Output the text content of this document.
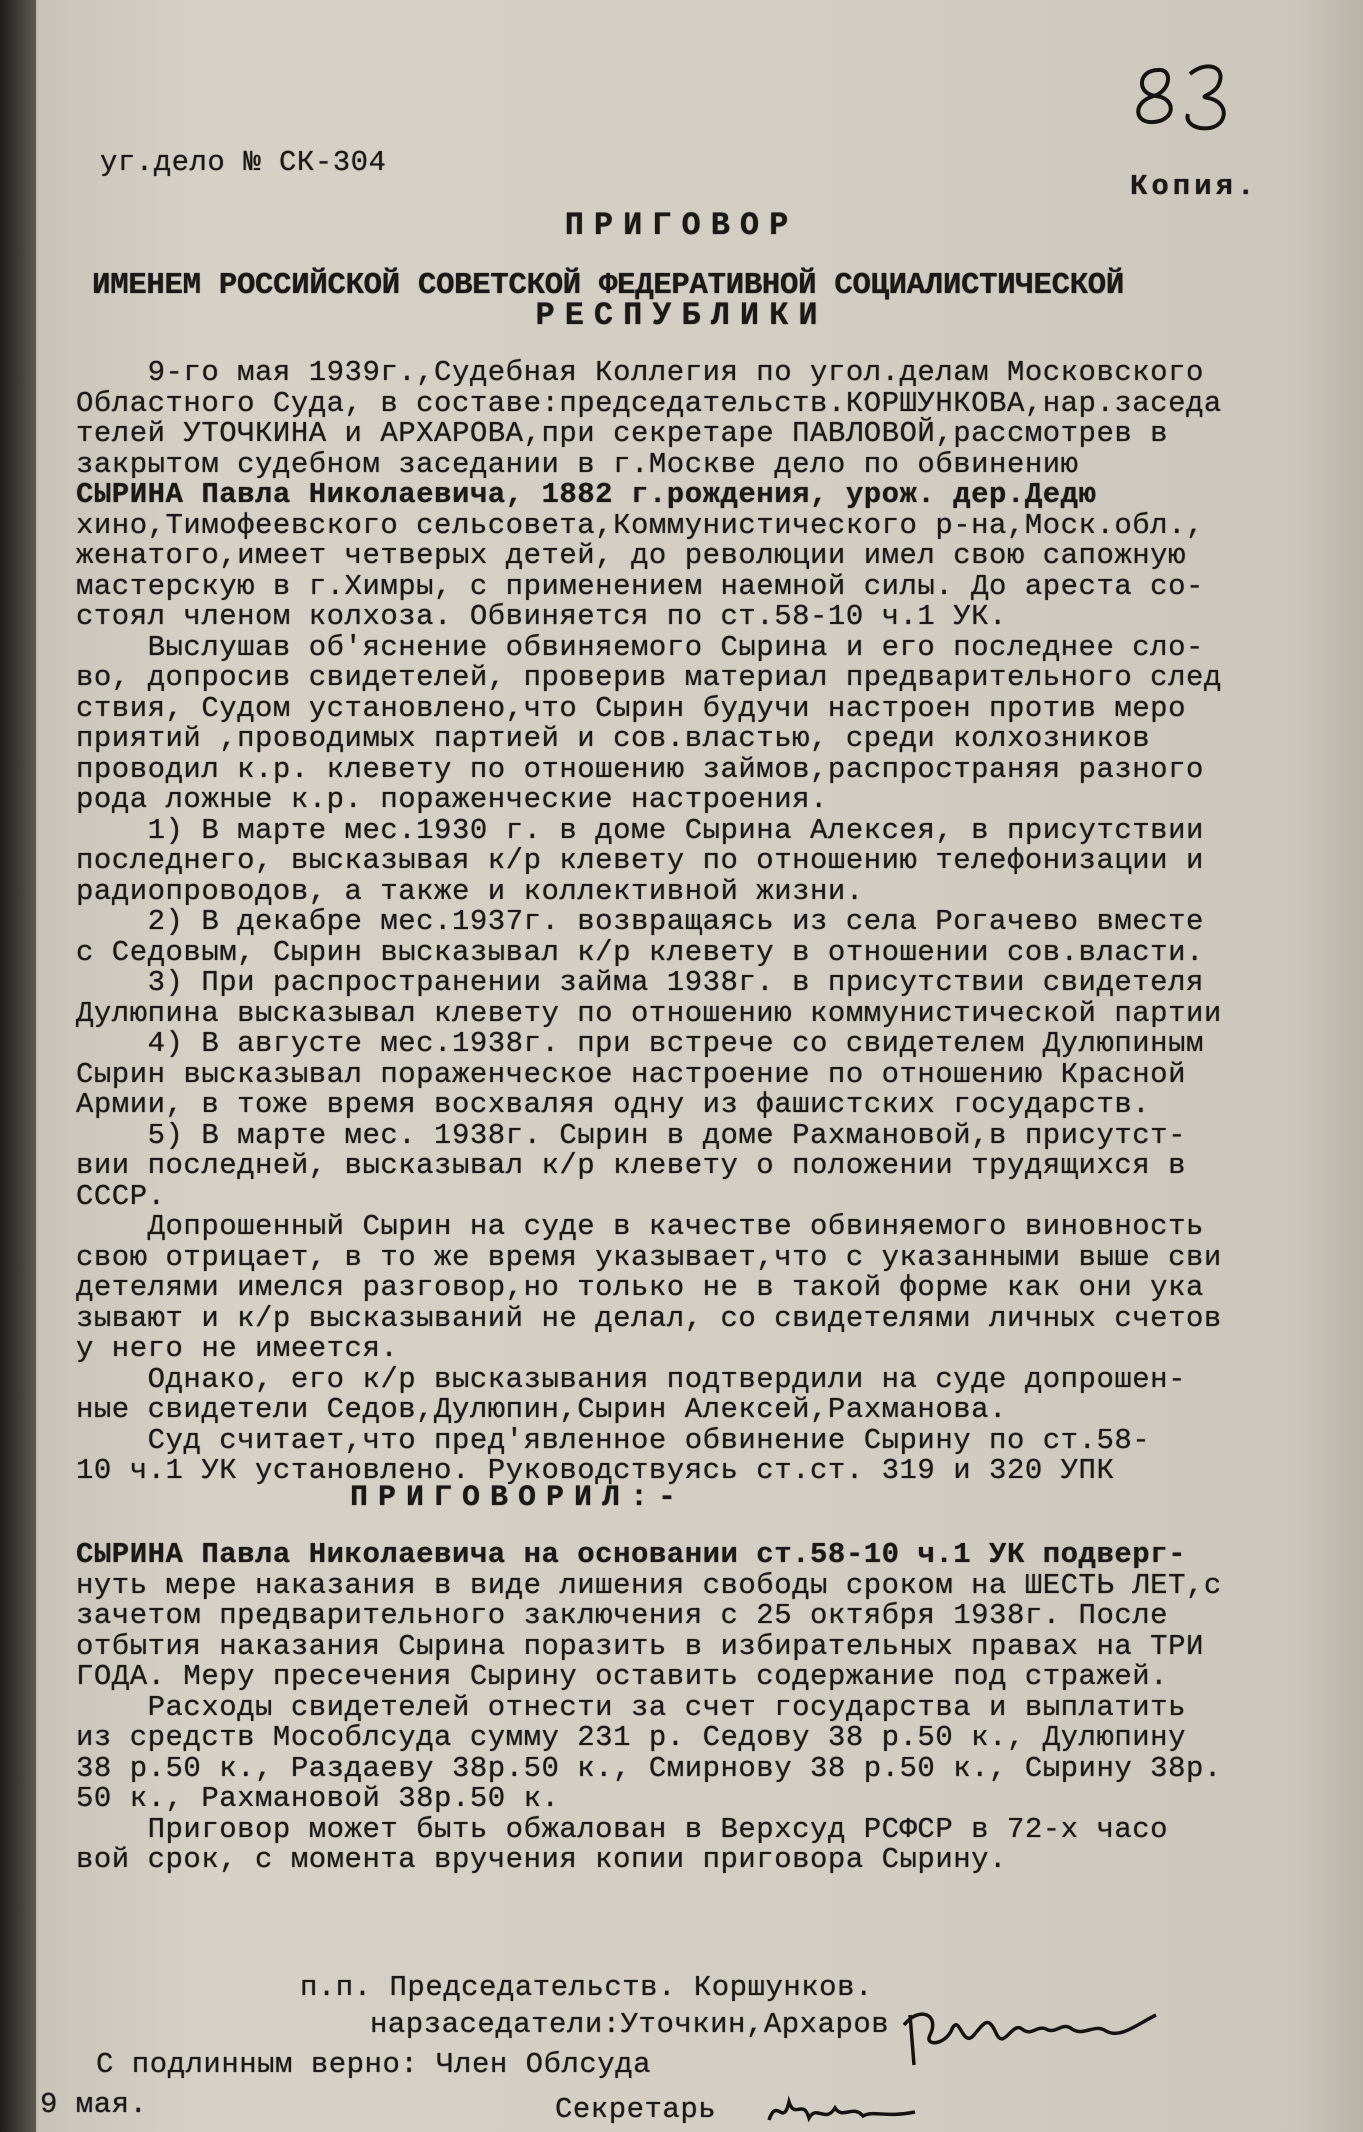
уг.дело № СК-304
Копия.
ПРИГОВОР
ИМЕНЕМ РОССИЙСКОЙ СОВЕТСКОЙ ФЕДЕРАТИВНОЙ СОЦИАЛИСТИЧЕСКОЙ
РЕСПУБЛИКИ
9-го мая 1939г.,Судебная Коллегия по угол.делам Московского
Областного Суда, в составе:председательств.КОРШУНКОВА,нар.заседа
телей УТОЧКИНА и АРХАРОВА,при секретаре ПАВЛОВОЙ,рассмотрев в
закрытом судебном заседании в г.Москве дело по обвинению
СЫРИНА Павла Николаевича, 1882 г.рождения, урож. дер.Дедю
хино,Тимофеевского сельсовета,Коммунистического р-на,Моск.обл.,
женатого,имеет четверых детей, до революции имел свою сапожную
мастерскую в г.Химры, с применением наемной силы. До ареста со-
стоял членом колхоза. Обвиняется по ст.58-10 ч.1 УК.
Выслушав об'яснение обвиняемого Сырина и его последнее сло-
во, допросив свидетелей, проверив материал предварительного след
ствия, Судом установлено,что Сырин будучи настроен против меро
приятий ,проводимых партией и сов.властью, среди колхозников
проводил к.р. клевету по отношению займов,распространяя разного
рода ложные к.р. пораженческие настроения.
1) В марте мес.1930 г. в доме Сырина Алексея, в присутствии
последнего, высказывая к/р клевету по отношению телефонизации и
радиопроводов, а также и коллективной жизни.
2) В декабре мес.1937г. возвращаясь из села Рогачево вместе
с Седовым, Сырин высказывал к/р клевету в отношении сов.власти.
3) При распространении займа 1938г. в присутствии свидетеля
Дулюпина высказывал клевету по отношению коммунистической партии
4) В августе мес.1938г. при встрече со свидетелем Дулюпиным
Сырин высказывал пораженческое настроение по отношению Красной
Армии, в тоже время восхваляя одну из фашистских государств.
5) В марте мес. 1938г. Сырин в доме Рахмановой,в присутст-
вии последней, высказывал к/р клевету о положении трудящихся в
СССР.
Допрошенный Сырин на суде в качестве обвиняемого виновность
свою отрицает, в то же время указывает,что с указанными выше сви
детелями имелся разговор,но только не в такой форме как они ука
зывают и к/р высказываний не делал, со свидетелями личных счетов
у него не имеется.
Однако, его к/р высказывания подтвердили на суде допрошен-
ные свидетели Седов,Дулюпин,Сырин Алексей,Рахманова.
Суд считает,что пред'явленное обвинение Сырину по ст.58-
10 ч.1 УК установлено. Руководствуясь ст.ст. 319 и 320 УПК
ПРИГОВОРИЛ:-
СЫРИНА Павла Николаевича на основании ст.58-10 ч.1 УК подверг-
нуть мере наказания в виде лишения свободы сроком на ШЕСТЬ ЛЕТ,с
зачетом предварительного заключения с 25 октября 1938г. После
отбытия наказания Сырина поразить в избирательных правах на ТРИ
ГОДА. Меру пресечения Сырину оставить содержание под стражей.
Расходы свидетелей отнести за счет государства и выплатить
из средств Мособлсуда сумму 231 р. Седову 38 р.50 к., Дулюпину
38 р.50 к., Раздаеву 38р.50 к., Смирнову 38 р.50 к., Сырину 38р.
50 к., Рахмановой 38р.50 к.
Приговор может быть обжалован в Верхсуд РСФСР в 72-х часо
вой срок, с момента вручения копии приговора Сырину.
п.п. Председательств. Коршунков.
нарзаседатели:Уточкин,Архаров
С подлинным верно: Член Облсуда
9 мая.	Секретарь
